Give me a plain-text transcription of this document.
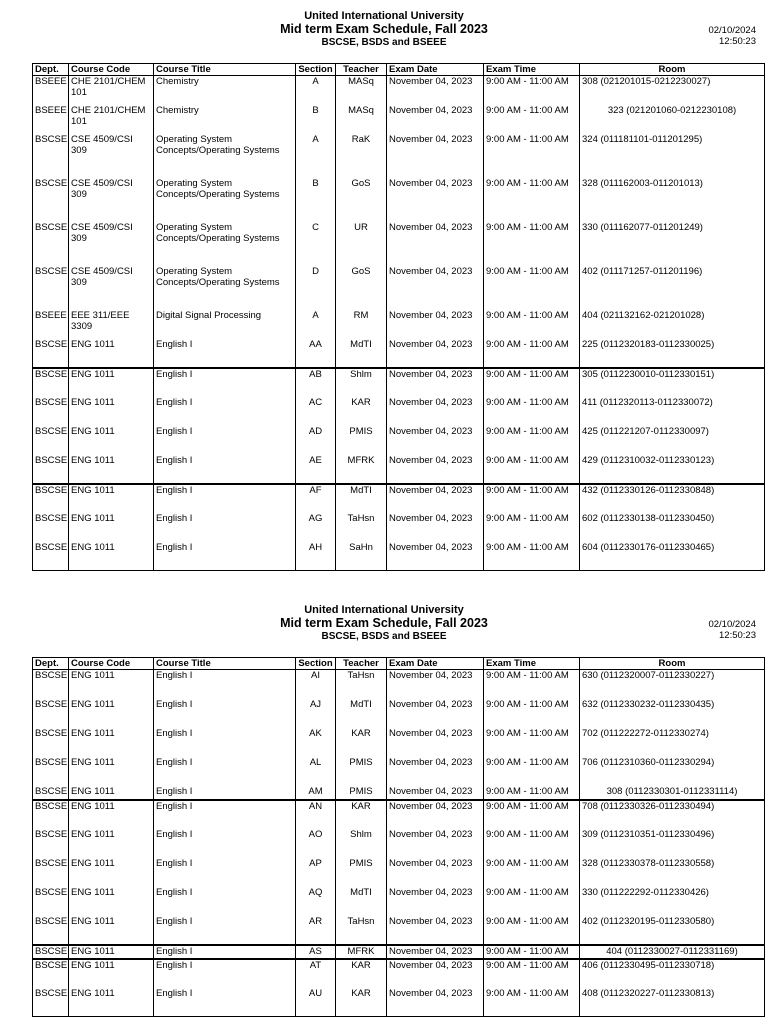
United International University
Mid term Exam Schedule, Fall 2023
BSCSE, BSDS and BSEEE
02/10/2024
12:50:23
Dept.	Course Code	Course Title	Section	Teacher	Exam Date	Exam Time	Room
BSEEE	CHE 2101/CHEM 101	Chemistry	A	MASq	November 04, 2023	9:00 AM - 11:00 AM	308 (021201015-0212230027)
BSEEE	CHE 2101/CHEM 101	Chemistry	B	MASq	November 04, 2023	9:00 AM - 11:00 AM	323 (021201060-0212230108)
BSCSE	CSE 4509/CSI 309	Operating System Concepts/Operating Systems	A	RaK	November 04, 2023	9:00 AM - 11:00 AM	324 (011181101-011201295)
BSCSE	CSE 4509/CSI 309	Operating System Concepts/Operating Systems	B	GoS	November 04, 2023	9:00 AM - 11:00 AM	328 (011162003-011201013)
BSCSE	CSE 4509/CSI 309	Operating System Concepts/Operating Systems	C	UR	November 04, 2023	9:00 AM - 11:00 AM	330 (011162077-011201249)
BSCSE	CSE 4509/CSI 309	Operating System Concepts/Operating Systems	D	GoS	November 04, 2023	9:00 AM - 11:00 AM	402 (011171257-011201196)
BSEEE	EEE 311/EEE 3309	Digital Signal Processing	A	RM	November 04, 2023	9:00 AM - 11:00 AM	404 (021132162-021201028)
BSCSE	ENG 1011	English I	AA	MdTI	November 04, 2023	9:00 AM - 11:00 AM	225 (0112320183-0112330025)
BSCSE	ENG 1011	English I	AB	Shlm	November 04, 2023	9:00 AM - 11:00 AM	305 (0112230010-0112330151)
BSCSE	ENG 1011	English I	AC	KAR	November 04, 2023	9:00 AM - 11:00 AM	411 (0112320113-0112330072)
BSCSE	ENG 1011	English I	AD	PMIS	November 04, 2023	9:00 AM - 11:00 AM	425 (011221207-0112330097)
BSCSE	ENG 1011	English I	AE	MFRK	November 04, 2023	9:00 AM - 11:00 AM	429 (0112310032-0112330123)
BSCSE	ENG 1011	English I	AF	MdTI	November 04, 2023	9:00 AM - 11:00 AM	432 (0112330126-0112330848)
BSCSE	ENG 1011	English I	AG	TaHsn	November 04, 2023	9:00 AM - 11:00 AM	602 (0112330138-0112330450)
BSCSE	ENG 1011	English I	AH	SaHn	November 04, 2023	9:00 AM - 11:00 AM	604 (0112330176-0112330465)
United International University
Mid term Exam Schedule, Fall 2023
BSCSE, BSDS and BSEEE
02/10/2024
12:50:23
Dept.	Course Code	Course Title	Section	Teacher	Exam Date	Exam Time	Room
BSCSE	ENG 1011	English I	AI	TaHsn	November 04, 2023	9:00 AM - 11:00 AM	630 (0112320007-0112330227)
BSCSE	ENG 1011	English I	AJ	MdTI	November 04, 2023	9:00 AM - 11:00 AM	632 (0112330232-0112330435)
BSCSE	ENG 1011	English I	AK	KAR	November 04, 2023	9:00 AM - 11:00 AM	702 (011222272-0112330274)
BSCSE	ENG 1011	English I	AL	PMIS	November 04, 2023	9:00 AM - 11:00 AM	706 (0112310360-0112330294)
BSCSE	ENG 1011	English I	AM	PMIS	November 04, 2023	9:00 AM - 11:00 AM	308 (0112330301-0112331114)
BSCSE	ENG 1011	English I	AN	KAR	November 04, 2023	9:00 AM - 11:00 AM	708 (0112330326-0112330494)
BSCSE	ENG 1011	English I	AO	Shlm	November 04, 2023	9:00 AM - 11:00 AM	309 (0112310351-0112330496)
BSCSE	ENG 1011	English I	AP	PMIS	November 04, 2023	9:00 AM - 11:00 AM	328 (0112330378-0112330558)
BSCSE	ENG 1011	English I	AQ	MdTI	November 04, 2023	9:00 AM - 11:00 AM	330 (011222292-0112330426)
BSCSE	ENG 1011	English I	AR	TaHsn	November 04, 2023	9:00 AM - 11:00 AM	402 (0112320195-0112330580)
BSCSE	ENG 1011	English I	AS	MFRK	November 04, 2023	9:00 AM - 11:00 AM	404 (0112330027-0112331169)
BSCSE	ENG 1011	English I	AT	KAR	November 04, 2023	9:00 AM - 11:00 AM	406 (0112330495-0112330718)
BSCSE	ENG 1011	English I	AU	KAR	November 04, 2023	9:00 AM - 11:00 AM	408 (0112320227-0112330813)
